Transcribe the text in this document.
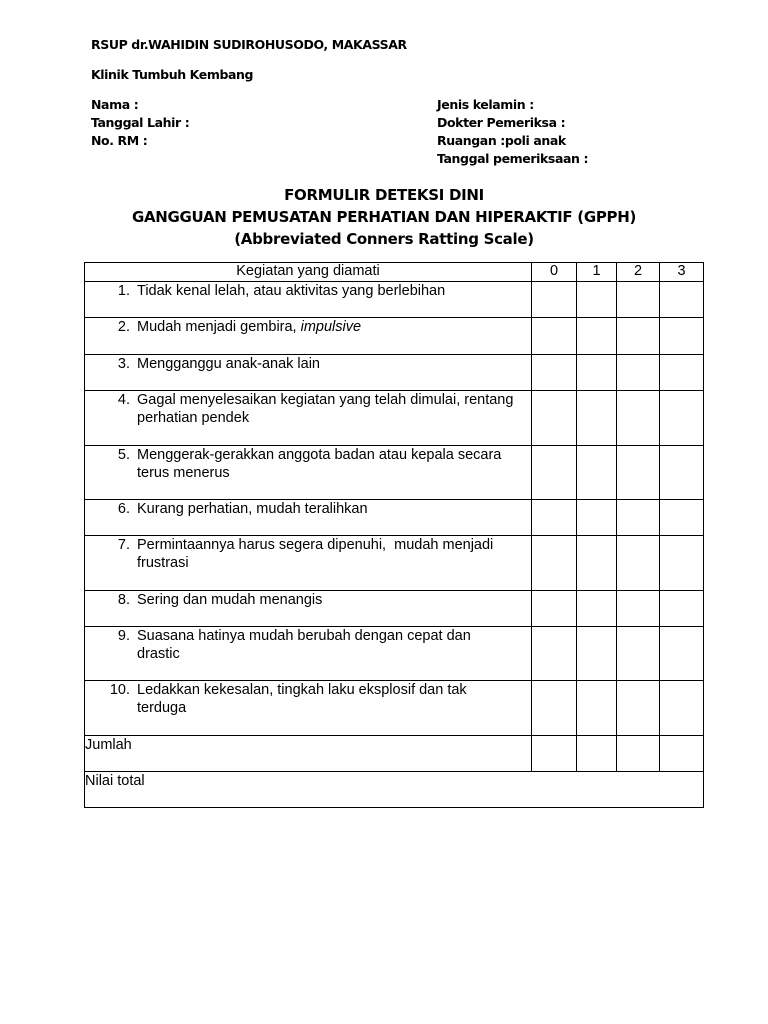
RSUP dr.WAHIDIN SUDIROHUSODO, MAKASSAR
Klinik Tumbuh Kembang
Nama :
Tanggal Lahir :
No. RM :
Jenis kelamin :
Dokter Pemeriksa :
Ruangan :poli anak
Tanggal pemeriksaan :
FORMULIR DETEKSI DINI
GANGGUAN PEMUSATAN PERHATIAN DAN HIPERAKTIF (GPPH)
(Abbreviated Conners Ratting Scale)
Kegiatan yang diamati	0	1	2	3

1. Tidak kenal lelah, atau aktivitas yang berlebihan				

2. Mudah menjadi gembira, impulsive				

3. Mengganggu anak-anak lain				

4. Gagal menyelesaikan kegiatan yang telah dimulai, rentang perhatian pendek				

5. Menggerak-gerakkan anggota badan atau kepala secara terus menerus				

6. Kurang perhatian, mudah teralihkan				

7. Permintaannya harus segera dipenuhi,  mudah menjadi frustrasi				

8. Sering dan mudah menangis				

9. Suasana hatinya mudah berubah dengan cepat dan drastic				

10. Ledakkan kekesalan, tingkah laku eksplosif dan tak terduga				

Jumlah				
Nilai total				
